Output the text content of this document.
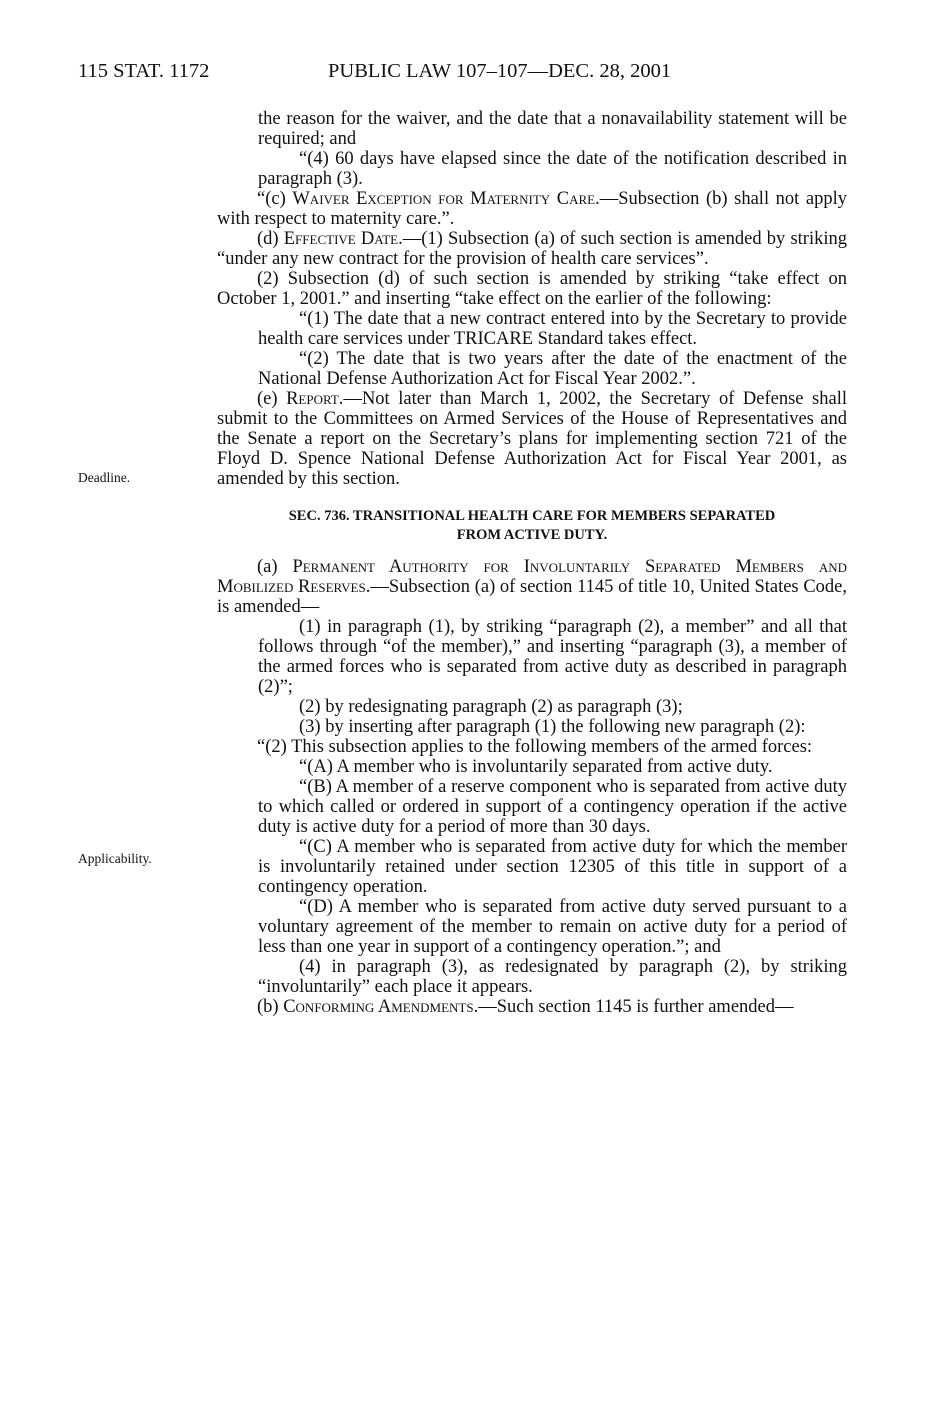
115 STAT. 1172	PUBLIC LAW 107–107—DEC. 28, 2001
Deadline.
Applicability.
the reason for the waiver, and the date that a nonavailability statement will be required; and
“(4) 60 days have elapsed since the date of the notification described in paragraph (3).
“(c) Waiver Exception for Maternity Care.—Subsection (b) shall not apply with respect to maternity care.”.
(d) Effective Date.—(1) Subsection (a) of such section is amended by striking “under any new contract for the provision of health care services”.
(2) Subsection (d) of such section is amended by striking “take effect on October 1, 2001.” and inserting “take effect on the earlier of the following:
“(1) The date that a new contract entered into by the Secretary to provide health care services under TRICARE Standard takes effect.
“(2) The date that is two years after the date of the enactment of the National Defense Authorization Act for Fiscal Year 2002.”.
(e) Report.—Not later than March 1, 2002, the Secretary of Defense shall submit to the Committees on Armed Services of the House of Representatives and the Senate a report on the Secretary’s plans for implementing section 721 of the Floyd D. Spence National Defense Authorization Act for Fiscal Year 2001, as amended by this section.
SEC. 736. TRANSITIONAL HEALTH CARE FOR MEMBERS SEPARATED
FROM ACTIVE DUTY.
(a) Permanent Authority for Involuntarily Separated Members and Mobilized Reserves.—Subsection (a) of section 1145 of title 10, United States Code, is amended—
(1) in paragraph (1), by striking “paragraph (2), a member” and all that follows through “of the member),” and inserting “paragraph (3), a member of the armed forces who is separated from active duty as described in paragraph (2)”;
(2) by redesignating paragraph (2) as paragraph (3);
(3) by inserting after paragraph (1) the following new paragraph (2):
“(2) This subsection applies to the following members of the armed forces:
“(A) A member who is involuntarily separated from active duty.
“(B) A member of a reserve component who is separated from active duty to which called or ordered in support of a contingency operation if the active duty is active duty for a period of more than 30 days.
“(C) A member who is separated from active duty for which the member is involuntarily retained under section 12305 of this title in support of a contingency operation.
“(D) A member who is separated from active duty served pursuant to a voluntary agreement of the member to remain on active duty for a period of less than one year in support of a contingency operation.”; and
(4) in paragraph (3), as redesignated by paragraph (2), by striking “involuntarily” each place it appears.
(b) Conforming Amendments.—Such section 1145 is further amended—
